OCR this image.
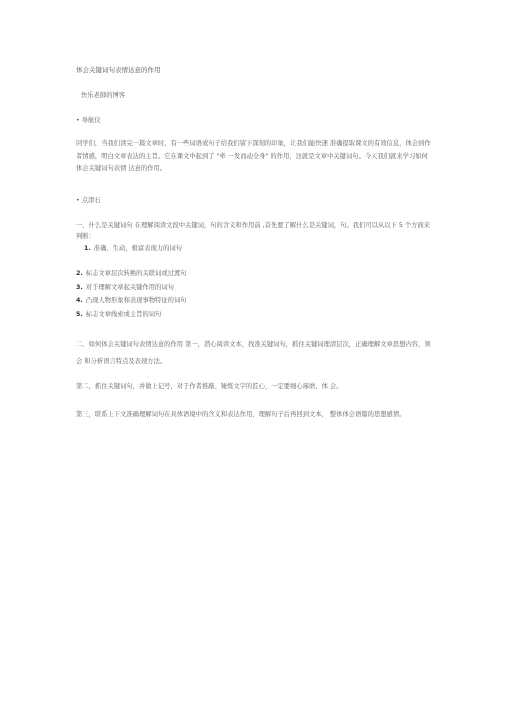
体会关键词句表情达意的作用
快乐老師的博客
• 导航仪
同学们，当我们读完一篇文章时，有一些词语或句子给我们留下深刻的印象，让我们能快速 准确提取课文的有效信息，体会到作者情感，明白文章表达的主旨。它在课文中起到了 "牵 一发而动全身" 的作用，这就是文章中关键词句。今天我们就来学习如何体会关键词句表情 达意的作用。
• 点津石
一、什么是关键词句 在理解阅读文段中关键词，句的含义和作用前 ,首先要了解什么是关键词，句。我们可以从以下 5 个方面来判断：
1. 准确、生动，极富表现力的词句
2. 标志文章层次转换的关联词或过渡句
3. 对于理解文章起关键作用的词句
4. 凸现人物形象和表现事物特征的词句
5. 标志文章线索或主旨的词句
二、如何体会关键词句表情达意的作用 第一，潜心阅读文本，找准关键词句，抓住关键词理清层次，正确理解文章思想内容，领会 和分析语言特点及表现方法。
第二，抓住关键词句，并做上记号，对于作者推敲、锤炼文字的匠心，一定要细心琢磨、体 会。
第三，联系上下文准确理解词句在具体语境中的含义和表达作用，理解句子后再回到文本， 整体体会语篇的思想感情。
